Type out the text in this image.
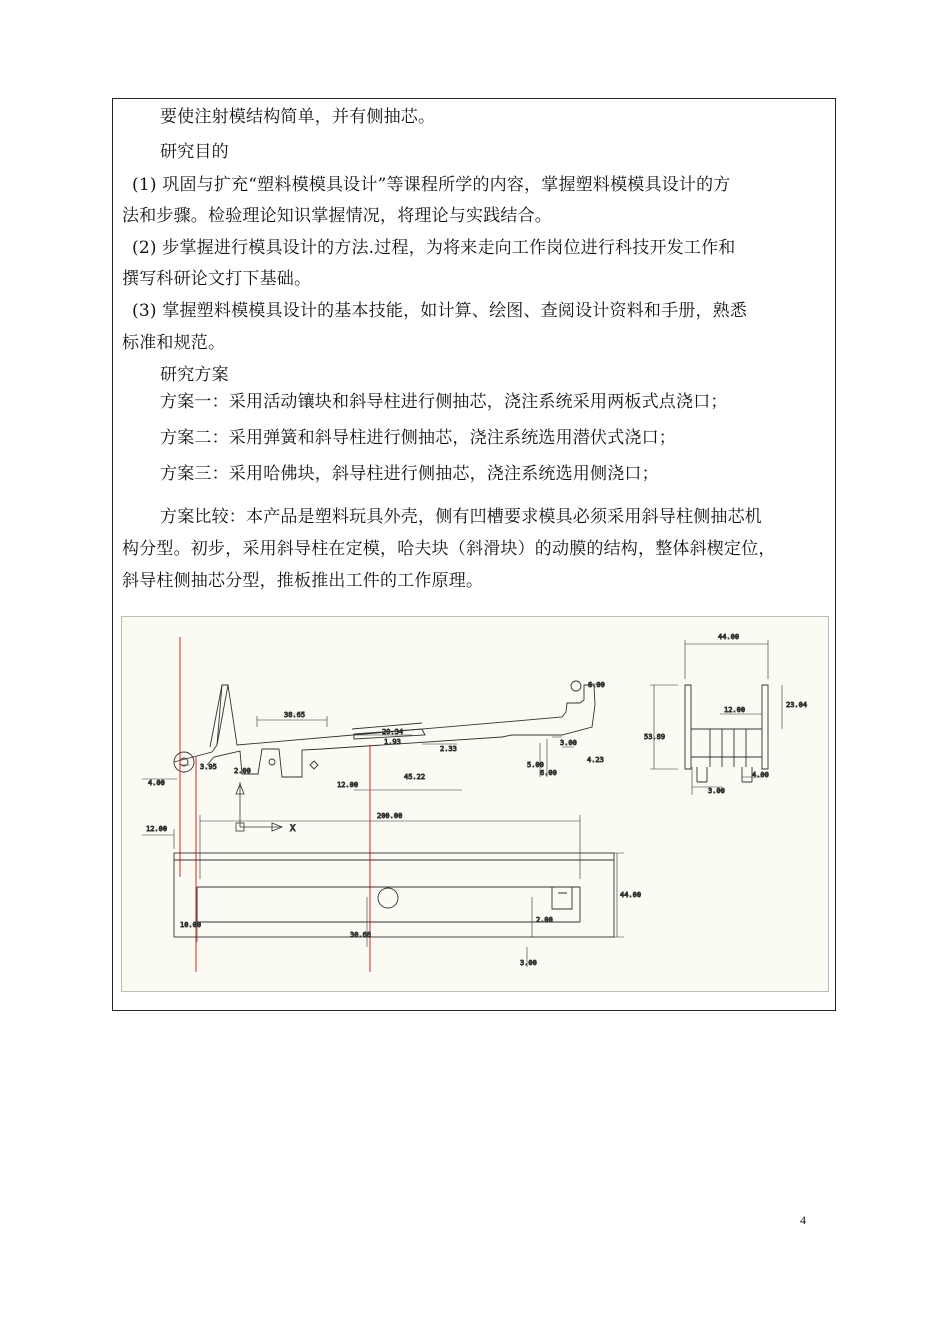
要使注射模结构简单，并有侧抽芯。
研究目的
(1) 巩固与扩充“塑料模模具设计”等课程所学的内容，掌握塑料模模具设计的方
法和步骤。检验理论知识掌握情况，将理论与实践结合。
(2) 步掌握进行模具设计的方法.过程，为将来走向工作岗位进行科技开发工作和
撰写科研论文打下基础。
(3) 掌握塑料模模具设计的基本技能，如计算、绘图、查阅设计资料和手册，熟悉
标准和规范。
研究方案
方案一：采用活动镶块和斜导柱进行侧抽芯，浇注系统采用两板式点浇口；
方案二：采用弹簧和斜导柱进行侧抽芯，浇注系统选用潜伏式浇口；
方案三：采用哈佛块，斜导柱进行侧抽芯，浇注系统选用侧浇口；
方案比较：本产品是塑料玩具外壳，侧有凹槽要求模具必须采用斜导柱侧抽芯机
构分型。初步，采用斜导柱在定模，哈夫块（斜滑块）的动膜的结构，整体斜楔定位，
斜导柱侧抽芯分型，推板推出工件的工作原理。
38.65
29.34
1.93
2.33
3.95
4.00
2.00
12.00
45.22
5.00
6.00
3.00
4.23
6.00
44.00
12.00
23.04
53.89
3.00
4.00
12.00
200.00
44.00
10.00
30.68
2.00
3.00
X
4
